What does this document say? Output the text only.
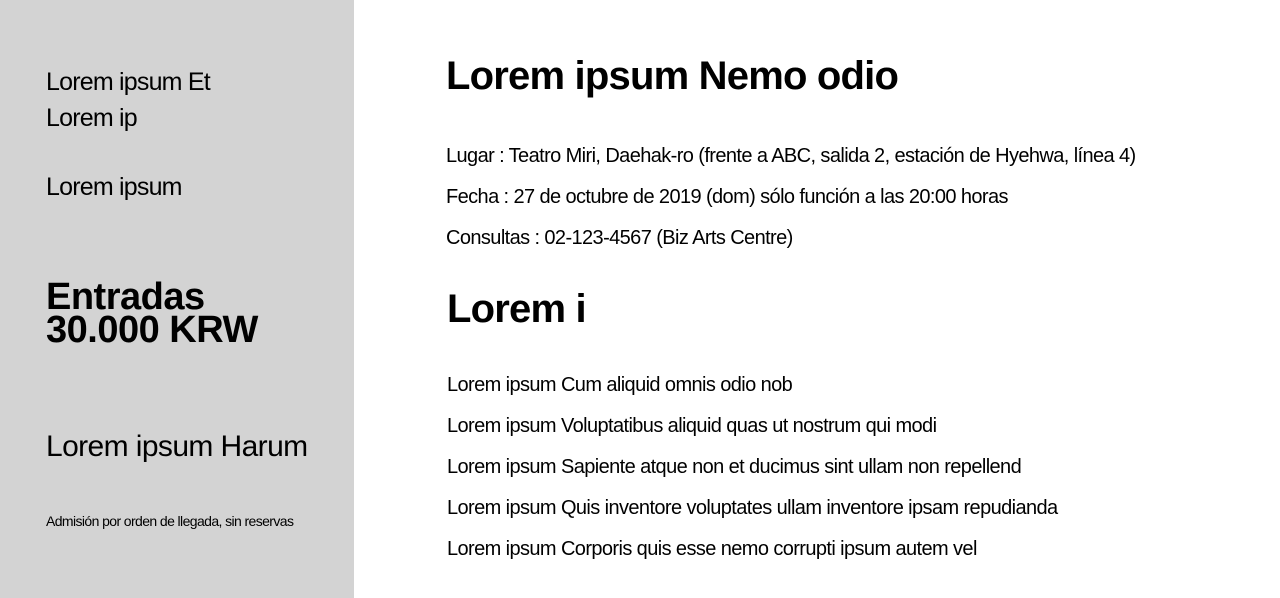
Lorem ipsum Et

Lorem ip

Lorem ipsum

Entradas
30.000 KRW

Lorem ipsum Harum

Admisión por orden de llegada, sin reservas

Lorem ipsum Nemo odio

Lugar : Teatro Miri, Daehak-ro (frente a ABC, salida 2, estación de Hyehwa, línea 4)

Fecha : 27 de octubre de 2019 (dom) sólo función a las 20:00 horas

Consultas : 02-123-4567 (Biz Arts Centre)

Lorem i

Lorem ipsum Cum aliquid omnis odio nob

Lorem ipsum Voluptatibus aliquid quas ut nostrum qui modi

Lorem ipsum Sapiente atque non et ducimus sint ullam non repellend

Lorem ipsum Quis inventore voluptates ullam inventore ipsam repudianda

Lorem ipsum Corporis quis esse nemo corrupti ipsum autem vel
